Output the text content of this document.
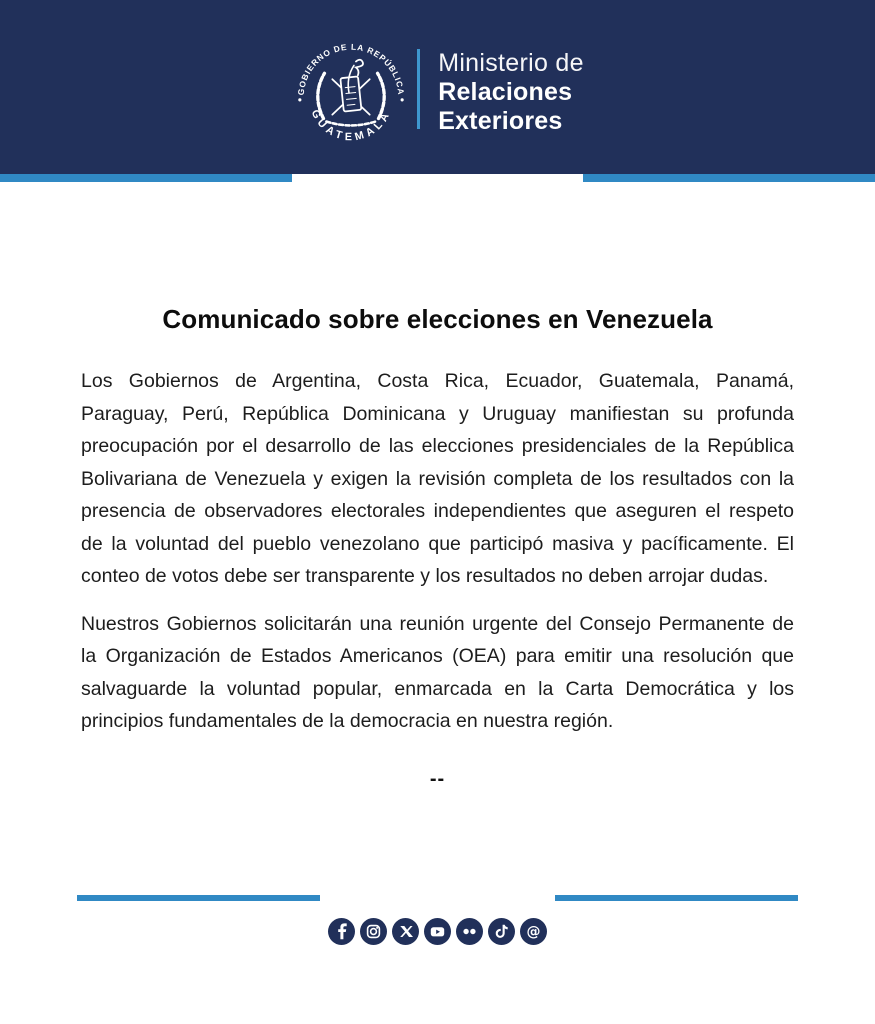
GOBIERNO DE LA REPÚBLICA
GUATEMALA
Ministerio de
Relaciones
Exteriores
Comunicado sobre elecciones en Venezuela

Los Gobiernos de Argentina, Costa Rica, Ecuador, Guatemala, Panamá, Paraguay, Perú, República Dominicana y Uruguay manifiestan su profunda preocupación por el desarrollo de las elecciones presidenciales de la República Bolivariana de Venezuela y exigen la revisión completa de los resultados con la presencia de observadores electorales independientes que aseguren el respeto de la voluntad del pueblo venezolano que participó masiva y pacíficamente. El conteo de votos debe ser transparente y los resultados no deben arrojar dudas.

Nuestros Gobiernos solicitarán una reunión urgente del Consejo Permanente de la Organización de Estados Americanos (OEA) para emitir una resolución que salvaguarde la voluntad popular, enmarcada en la Carta Democrática y los principios fundamentales de la democracia en nuestra región.

--
@
